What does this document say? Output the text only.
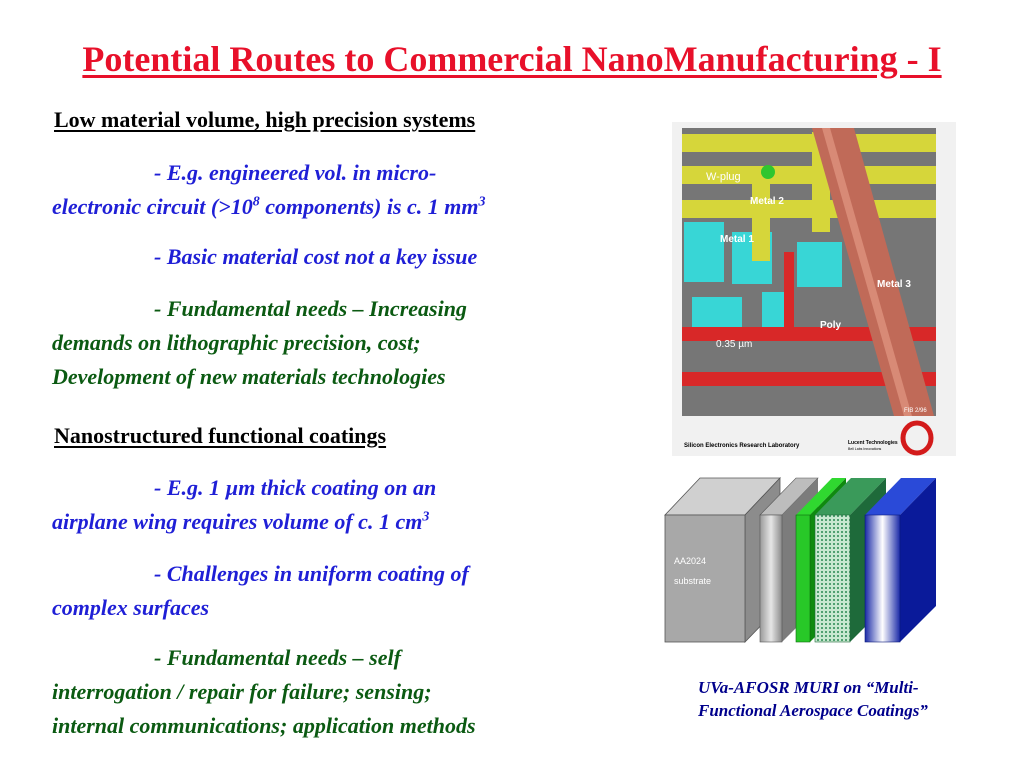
Potential Routes to Commercial NanoManufacturing - I
Low material volume, high precision systems
- E.g. engineered vol. in micro-
electronic circuit ($>10^8$ components) is c. 1 $mm^3$
- Basic material cost not a key issue
- Fundamental needs – Increasing
demands on lithographic precision, cost;
Development of new materials technologies
Nanostructured functional coatings
- E.g. 1 µm thick coating on an
airplane wing requires volume of c. 1 $cm^3$
- Challenges in uniform coating of
complex surfaces
- Fundamental needs – self
interrogation / repair for failure; sensing;
internal communications; application methods
W-plug
Metal 2
Metal 1
Metal 3
Poly
0.35 µm
FIB 2/96
Silicon Electronics Research Laboratory	Lucent Technologies
Bell Labs Innovations
AA2024
substrate
UVa-AFOSR MURI on “Multi-
Functional Aerospace Coatings”
